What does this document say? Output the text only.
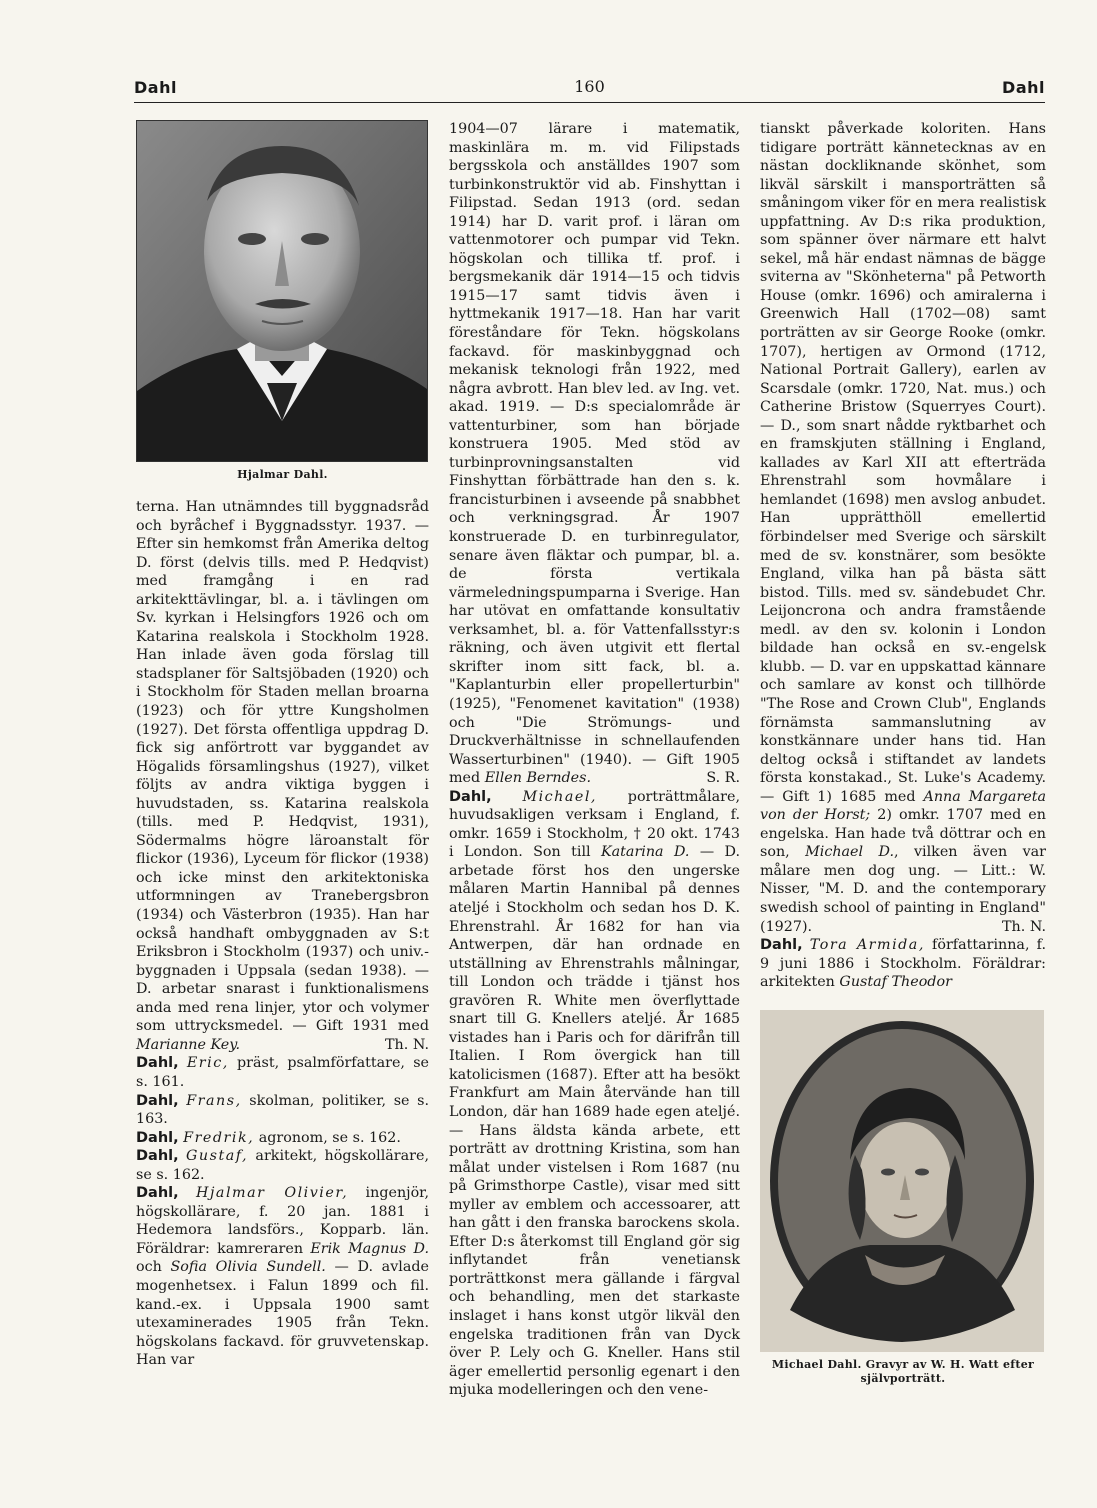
Dahl	160	Dahl
Hjalmar Dahl.

terna. Han utnämndes till byggnadsråd och byråchef i Byggnadsstyr. 1937. — Efter sin hemkomst från Amerika deltog D. först (delvis tills. med P. Hedqvist) med framgång i en rad arkitekttävlingar, bl. a. i tävlingen om Sv. kyrkan i Helsingfors 1926 och om Katarina realskola i Stockholm 1928. Han inlade även goda förslag till stadsplaner för Saltsjöbaden (1920) och i Stockholm för Staden mellan broarna (1923) och för yttre Kungsholmen (1927). Det första offentliga uppdrag D. fick sig anförtrott var byggandet av Högalids församlingshus (1927), vilket följts av andra viktiga byggen i huvudstaden, ss. Katarina realskola (tills. med P. Hedqvist, 1931), Södermalms högre läroanstalt för flickor (1936), Lyceum för flickor (1938) och icke minst den arkitektoniska utformningen av Tranebergsbron (1934) och Västerbron (1935). Han har också handhaft ombyggnaden av S:t Eriksbron i Stockholm (1937) och univ.-byggnaden i Uppsala (sedan 1938). — D. arbetar snarast i funktionalismens anda med rena linjer, ytor och volymer som uttrycksmedel. — Gift 1931 med Marianne Key.	Th. N.

Dahl, Eric, präst, psalmförfattare, se s. 161.

Dahl, Frans, skolman, politiker, se s. 163.

Dahl, Fredrik, agronom, se s. 162.

Dahl, Gustaf, arkitekt, högskollärare, se s. 162.

Dahl, Hjalmar Olivier, ingenjör, högskollärare, f. 20 jan. 1881 i Hedemora landsförs., Kopparb. län. Föräldrar: kamreraren Erik Magnus D. och Sofia Olivia Sundell. — D. avlade mogenhetsex. i Falun 1899 och fil. kand.-ex. i Uppsala 1900 samt utexaminerades 1905 från Tekn. högskolans fackavd. för gruvvetenskap. Han var

1904—07 lärare i matematik, maskinlära m. m. vid Filipstads bergsskola och anställdes 1907 som turbinkonstruktör vid ab. Finshyttan i Filipstad. Sedan 1913 (ord. sedan 1914) har D. varit prof. i läran om vattenmotorer och pumpar vid Tekn. högskolan och tillika tf. prof. i bergsmekanik där 1914—15 och tidvis 1915—17 samt tidvis även i hyttmekanik 1917—18. Han har varit föreståndare för Tekn. högskolans fackavd. för maskinbyggnad och mekanisk teknologi från 1922, med några avbrott. Han blev led. av Ing. vet. akad. 1919. — D:s specialområde är vattenturbiner, som han började konstruera 1905. Med stöd av turbinprovningsanstalten vid Finshyttan förbättrade han den s. k. francisturbinen i avseende på snabbhet och verkningsgrad. År 1907 konstruerade D. en turbinregulator, senare även fläktar och pumpar, bl. a. de första vertikala värmeledningspumparna i Sverige. Han har utövat en omfattande konsultativ verksamhet, bl. a. för Vattenfallsstyr:s räkning, och även utgivit ett flertal skrifter inom sitt fack, bl. a. "Kaplanturbin eller propellerturbin" (1925), "Fenomenet kavitation" (1938) och "Die Strömungs- und Druckverhältnisse in schnellaufenden Wasserturbinen" (1940). — Gift 1905 med Ellen Berndes.	S. R.

Dahl, Michael, porträttmålare, huvudsakligen verksam i England, f. omkr. 1659 i Stockholm, † 20 okt. 1743 i London. Son till Katarina D. — D. arbetade först hos den ungerske målaren Martin Hannibal på dennes ateljé i Stockholm och sedan hos D. K. Ehrenstrahl. År 1682 for han via Antwerpen, där han ordnade en utställning av Ehrenstrahls målningar, till London och trädde i tjänst hos gravören R. White men överflyttade snart till G. Knellers ateljé. År 1685 vistades han i Paris och for därifrån till Italien. I Rom övergick han till katolicismen (1687). Efter att ha besökt Frankfurt am Main återvände han till London, där han 1689 hade egen ateljé. — Hans äldsta kända arbete, ett porträtt av drottning Kristina, som han målat under vistelsen i Rom 1687 (nu på Grimsthorpe Castle), visar med sitt myller av emblem och accessoarer, att han gått i den franska barockens skola. Efter D:s återkomst till England gör sig inflytandet från venetiansk porträttkonst mera gällande i färgval och behandling, men det starkaste inslaget i hans konst utgör likväl den engelska traditionen från van Dyck över P. Lely och G. Kneller. Hans stil äger emellertid personlig egenart i den mjuka modelleringen och den vene-

tianskt påverkade koloriten. Hans tidigare porträtt kännetecknas av en nästan dockliknande skönhet, som likväl särskilt i mansporträtten så småningom viker för en mera realistisk uppfattning. Av D:s rika produktion, som spänner över närmare ett halvt sekel, må här endast nämnas de bägge sviterna av "Skönheterna" på Petworth House (omkr. 1696) och amiralerna i Greenwich Hall (1702—08) samt porträtten av sir George Rooke (omkr. 1707), hertigen av Ormond (1712, National Portrait Gallery), earlen av Scarsdale (omkr. 1720, Nat. mus.) och Catherine Bristow (Squerryes Court). — D., som snart nådde ryktbarhet och en framskjuten ställning i England, kallades av Karl XII att efterträda Ehrenstrahl som hovmålare i hemlandet (1698) men avslog anbudet. Han upprätthöll emellertid förbindelser med Sverige och särskilt med de sv. konstnärer, som besökte England, vilka han på bästa sätt bistod. Tills. med sv. sändebudet Chr. Leijoncrona och andra framstående medl. av den sv. kolonin i London bildade han också en sv.-engelsk klubb. — D. var en uppskattad kännare och samlare av konst och tillhörde "The Rose and Crown Club", Englands förnämsta sammanslutning av konstkännare under hans tid. Han deltog också i stiftandet av landets första konstakad., St. Luke's Academy. — Gift 1) 1685 med Anna Margareta von der Horst; 2) omkr. 1707 med en engelska. Han hade två döttrar och en son, Michael D., vilken även var målare men dog ung. — Litt.: W. Nisser, "M. D. and the contemporary swedish school of painting in England" (1927).	Th. N.

Dahl, Tora Armida, författarinna, f. 9 juni 1886 i Stockholm. Föräldrar: arkitekten Gustaf Theodor

Michael Dahl. Gravyr av W. H. Watt efter självporträtt.
